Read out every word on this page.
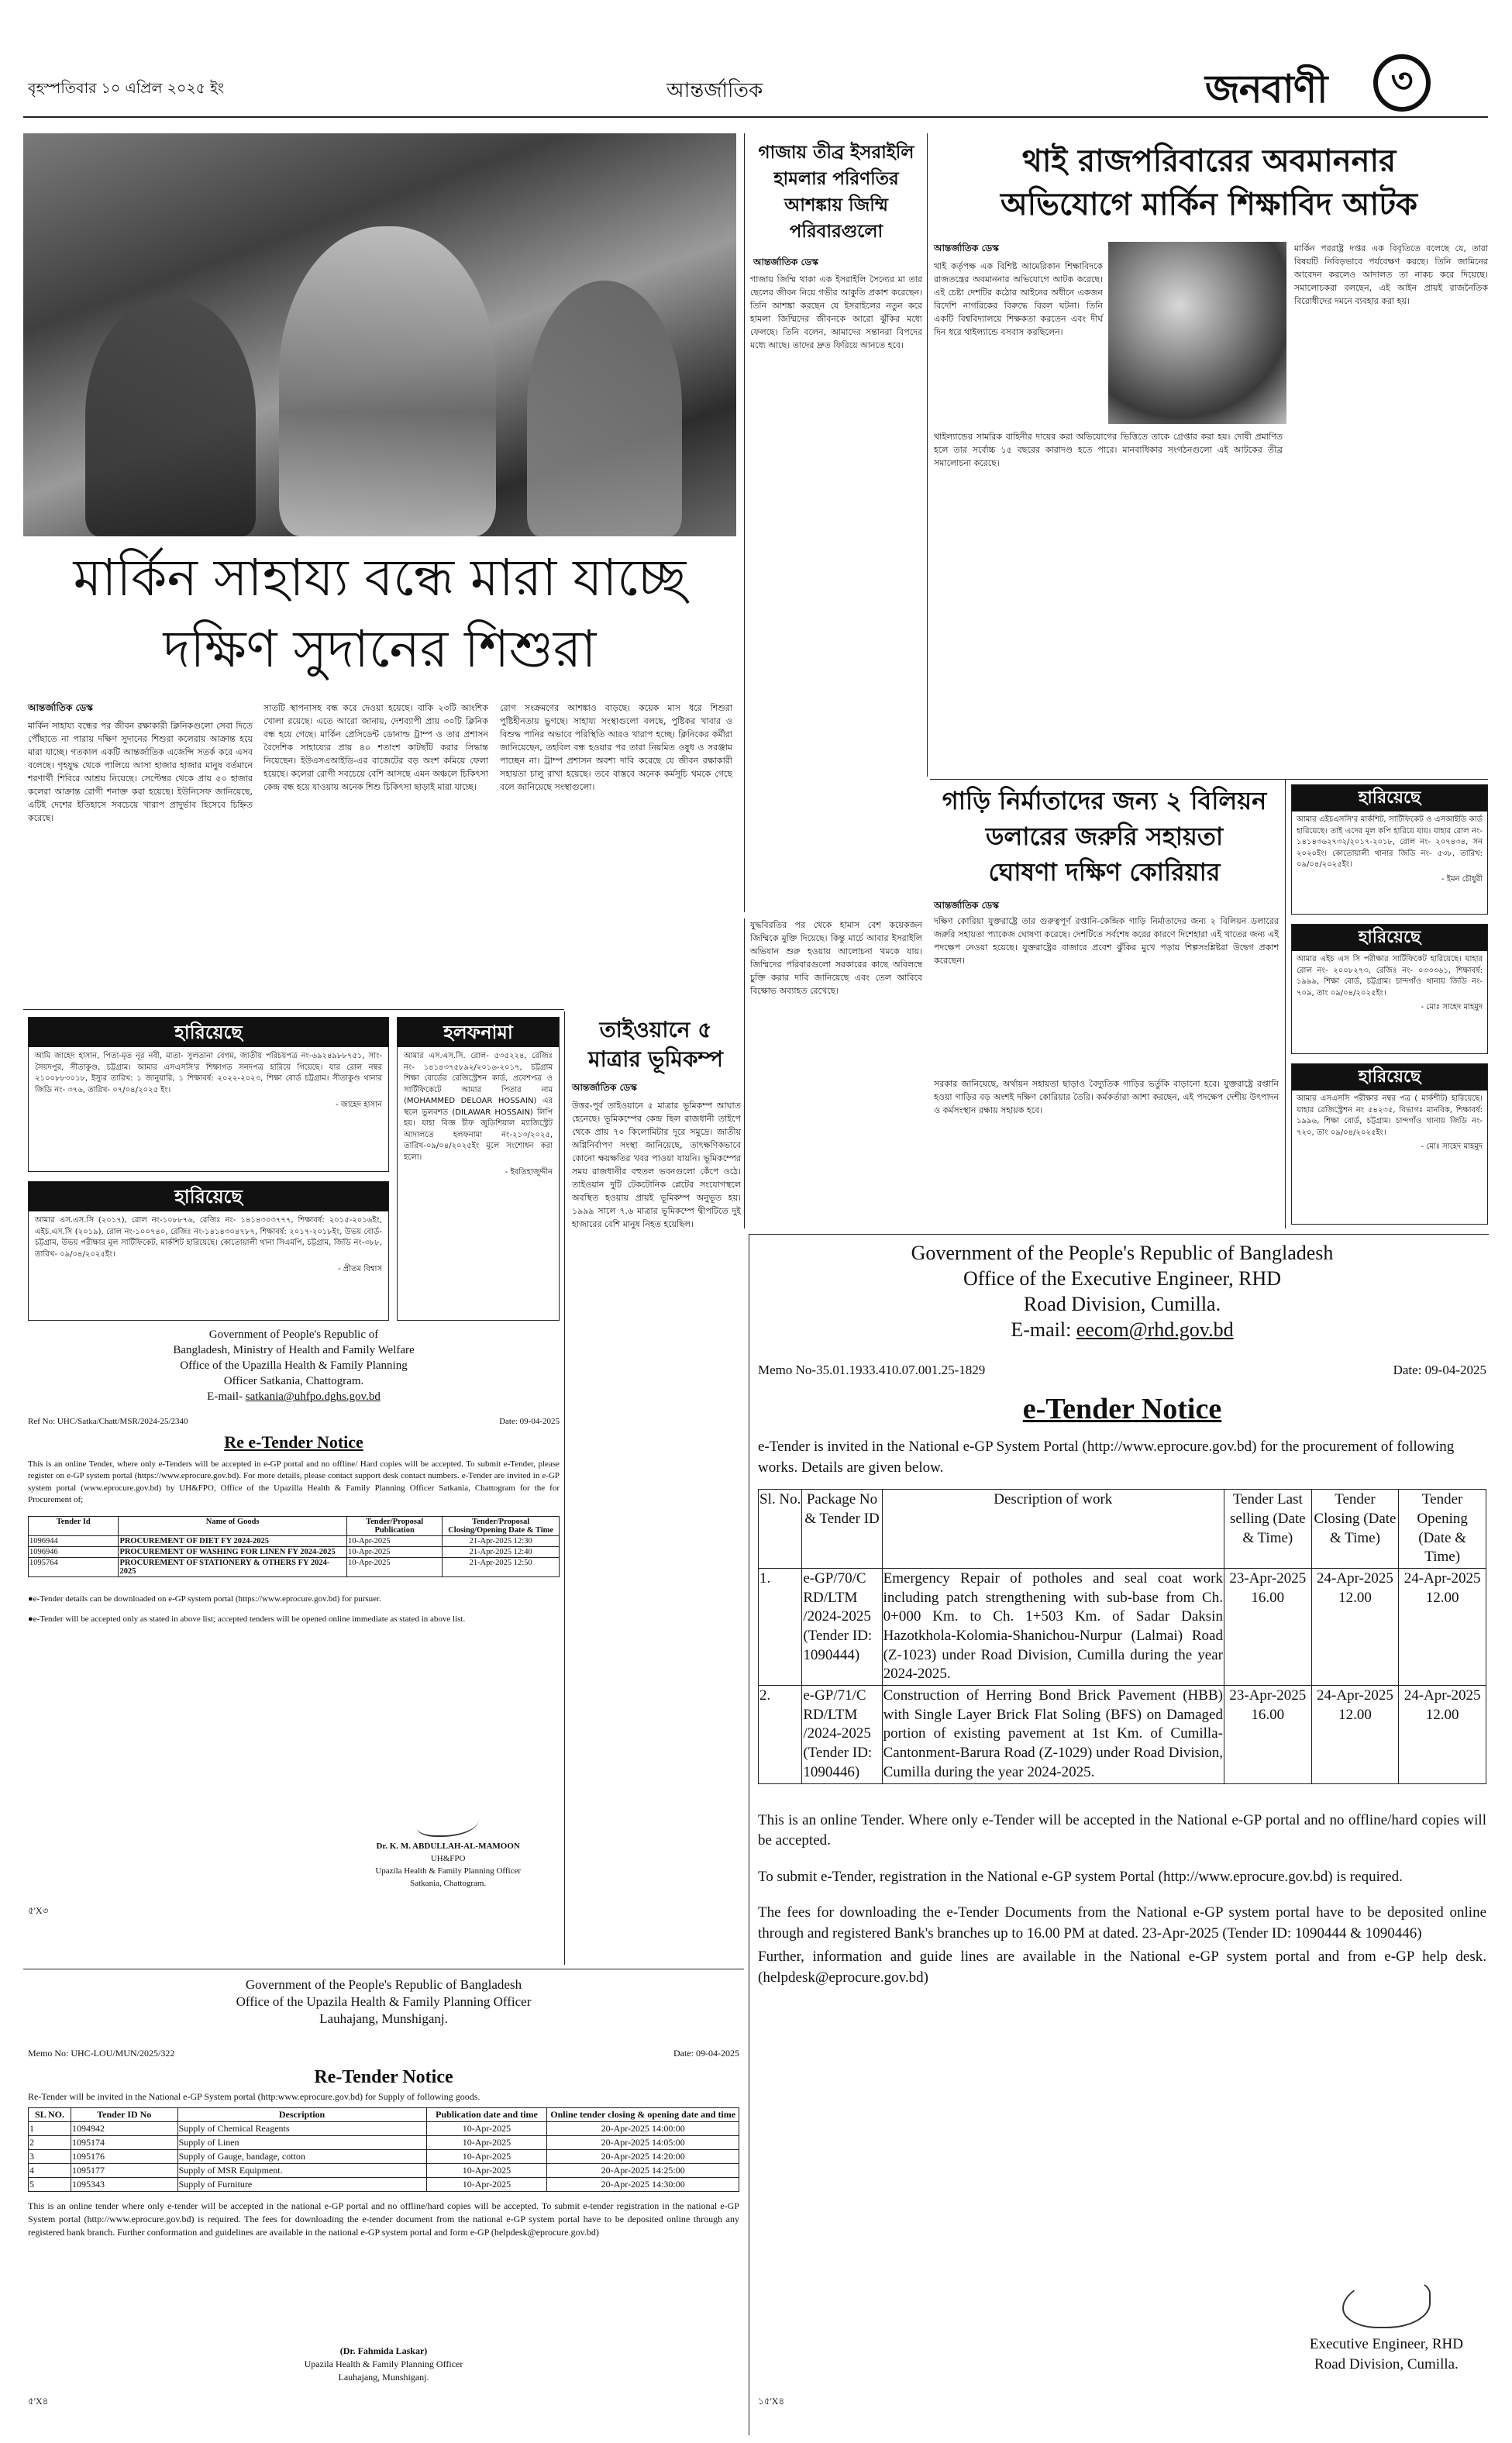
বৃহস্পতিবার ১০ এপ্রিল ২০২৫ ইং	আন্তর্জাতিক	জনবাণী ৩
মার্কিন সাহায্য বন্ধে মারা যাচ্ছে
দক্ষিণ সুদানের শিশুরা
আন্তর্জাতিক ডেস্ক
মার্কিন সাহায্য বন্ধের পর জীবন রক্ষাকারী ক্লিনিকগুলো সেবা দিতে পৌঁছাতে না পারায় দক্ষিণ সুদানের শিশুরা কলেরায় আক্রান্ত হয়ে মারা যাচ্ছে। গতকাল একটি আন্তর্জাতিক এজেন্সি সতর্ক করে এসব বলেছে। গৃহযুদ্ধ থেকে পালিয়ে আসা হাজার হাজার মানুষ বর্তমানে শরণার্থী শিবিরে আশ্রয় নিয়েছে। সেপ্টেম্বর থেকে প্রায় ৫০ হাজার কলেরা আক্রান্ত রোগী শনাক্ত করা হয়েছে। ইউনিসেফ জানিয়েছে, এটিই দেশের ইতিহাসে সবচেয়ে খারাপ প্রাদুর্ভাব হিসেবে চিহ্নিত করেছে।
সাতটি স্থাপনাসহ বন্ধ করে দেওয়া হয়েছে। বাকি ২৩টি আংশিক খোলা রয়েছে। এতে আরো জানায়, দেশব্যাপী প্রায় ৩০টি ক্লিনিক বন্ধ হয়ে গেছে। মার্কিন প্রেসিডেন্ট ডোনাল্ড ট্রাম্প ও তার প্রশাসন বৈদেশিক সাহায্যের প্রায় ৪০ শতাংশ কাটছাঁট করার সিদ্ধান্ত নিয়েছেন। ইউএসএআইডি-এর বাজেটের বড় অংশ কমিয়ে ফেলা হয়েছে। কলেরা রোগী সবচেয়ে বেশি আসছে এমন অঞ্চলে চিকিৎসা কেন্দ্র বন্ধ হয়ে যাওয়ায় অনেক শিশু চিকিৎসা ছাড়াই মারা যাচ্ছে।
রোগ সংক্রমণের আশঙ্কাও বাড়ছে। কয়েক মাস ধরে শিশুরা পুষ্টিহীনতায় ভুগছে। সাহায্য সংস্থাগুলো বলছে, পুষ্টিকর খাবার ও বিশুদ্ধ পানির অভাবে পরিস্থিতি আরও খারাপ হচ্ছে। ক্লিনিকের কর্মীরা জানিয়েছেন, তহবিল বন্ধ হওয়ার পর তারা নিয়মিত ওষুধ ও সরঞ্জাম পাচ্ছেন না। ট্রাম্প প্রশাসন অবশ্য দাবি করেছে যে জীবন রক্ষাকারী সহায়তা চালু রাখা হয়েছে। তবে বাস্তবে অনেক কর্মসূচি থমকে গেছে বলে জানিয়েছে সংস্থাগুলো।
গাজায় তীব্র ইসরাইলি হামলার পরিণতির আশঙ্কায় জিম্মি পরিবারগুলো
আন্তর্জাতিক ডেস্ক
গাজায় জিম্মি থাকা এক ইসরাইলি সৈন্যের মা তার ছেলের জীবন নিয়ে গভীর আকুতি প্রকাশ করেছেন। তিনি আশঙ্কা করছেন যে ইসরাইলের নতুন করে হামলা জিম্মিদের জীবনকে আরো ঝুঁকির মধ্যে ফেলছে। তিনি বলেন, আমাদের সন্তানরা বিপদের মধ্যে আছে। তাদের দ্রুত ফিরিয়ে আনতে হবে।
থাই রাজপরিবারের অবমাননার
অভিযোগে মার্কিন শিক্ষাবিদ আটক
আন্তর্জাতিক ডেস্ক
থাই কর্তৃপক্ষ এক বিশিষ্ট আমেরিকান শিক্ষাবিদকে রাজতন্ত্রের অবমাননার অভিযোগে আটক করেছে। এই চেষ্টা দেশটির কঠোর আইনের অধীনে একজন বিদেশি নাগরিকের বিরুদ্ধে বিরল ঘটনা। তিনি একটি বিশ্ববিদ্যালয়ে শিক্ষকতা করতেন এবং দীর্ঘ দিন ধরে থাইল্যান্ডে বসবাস করছিলেন।
থাইল্যান্ডের সামরিক বাহিনীর দায়ের করা অভিযোগের ভিত্তিতে তাকে গ্রেপ্তার করা হয়। দোষী প্রমাণিত হলে তার সর্বোচ্চ ১৫ বছরের কারাদণ্ড হতে পারে। মানবাধিকার সংগঠনগুলো এই আটকের তীব্র সমালোচনা করেছে।
মার্কিন পররাষ্ট্র দপ্তর এক বিবৃতিতে বলেছে যে, তারা বিষয়টি নিবিড়ভাবে পর্যবেক্ষণ করছে। তিনি জামিনের আবেদন করলেও আদালত তা নাকচ করে দিয়েছে। সমালোচকরা বলছেন, এই আইন প্রায়ই রাজনৈতিক বিরোধীদের দমনে ব্যবহার করা হয়।
গাড়ি নির্মাতাদের জন্য ২ বিলিয়ন
ডলারের জরুরি সহায়তা
ঘোষণা দক্ষিণ কোরিয়ার
আন্তর্জাতিক ডেস্ক
দক্ষিণ কোরিয়া যুক্তরাষ্ট্রে তার গুরুত্বপূর্ণ রপ্তানি-কেন্দ্রিক গাড়ি নির্মাতাদের জন্য ২ বিলিয়ন ডলারের জরুরি সহায়তা প্যাকেজ ঘোষণা করেছে। দেশটিতে সর্বশেষ করের কারণে দিশেহারা এই খাতের জন্য এই পদক্ষেপ নেওয়া হয়েছে। যুক্তরাষ্ট্রের বাজারে প্রবেশ ঝুঁকির মুখে পড়ায় শিল্পসংশ্লিষ্টরা উদ্বেগ প্রকাশ করেছেন।
সরকার জানিয়েছে, অর্থায়ন সহায়তা ছাড়াও বৈদ্যুতিক গাড়ির ভর্তুকি বাড়ানো হবে। যুক্তরাষ্ট্রে রপ্তানি হওয়া গাড়ির বড় অংশই দক্ষিণ কোরিয়ার তৈরি। কর্মকর্তারা আশা করছেন, এই পদক্ষেপ দেশীয় উৎপাদন ও কর্মসংস্থান রক্ষায় সহায়ক হবে।
হারিয়েছে
আমার এইচএসসি'র মার্কশিট, সার্টিফিকেট ও এসআইডি কার্ড হারিয়েছে। তাই এদের মূল কপি হারিয়ে যায়। যাহার রোল নং- ১৪১৪৩৬২৭৩২/২০১৭-২০১৮, রোল নং- ২০৭৪৩৪, সন ২০২০ইং। কোতোয়ালী থানার জিডি নং- ৫৩৮, তারিখ: ০৯/০৪/২০২৫ইং।
- ইমন চৌধুরী
হারিয়েছে
আমার এইচ এস সি পরীক্ষার সার্টিফিকেট হারিয়েছে। যাহার রোল নং- ২০০৮২৭৩, রেজিঃ নং- ০৩৩৩৬১, শিক্ষাবর্ষ: ১৯৯৯, শিক্ষা বোর্ড, চট্টগ্রাম। চান্দগাঁও থানায় জিডি নং- ৭০৯, তাং ০৯/০৪/২০২৫ইং।
- মোঃ সাহেদ মাহমুদ
হারিয়েছে
আমার এসএসসি পরীক্ষার নম্বর পত্র ( মার্কশীট) হারিয়েছে। যাহার রেজিস্ট্রেশন নং ৫৪২৩৫, বিভাগঃ মানবিক, শিক্ষাবর্ষ: ১৯৯৬, শিক্ষা বোর্ড, চট্টগ্রাম। চান্দগাঁও থানায় জিডি নং- ৭২০, তাং ০৯/০৪/২০২৫ইং।
- মোঃ সাহেদ মাহমুদ
তাইওয়ানে ৫
মাত্রার ভূমিকম্প
আন্তর্জাতিক ডেস্ক
উত্তর-পূর্ব তাইওয়ানে ৫ মাত্রার ভূমিকম্প আঘাত হেনেছে। ভূমিকম্পের কেন্দ্র ছিল রাজধানী তাইপে থেকে প্রায় ৭০ কিলোমিটার দূরে সমুদ্রে। জাতীয় অগ্নিনির্বাপণ সংস্থা জানিয়েছে, তাৎক্ষণিকভাবে কোনো ক্ষয়ক্ষতির খবর পাওয়া যায়নি। ভূমিকম্পের সময় রাজধানীর বহুতল ভবনগুলো কেঁপে ওঠে। তাইওয়ান দুটি টেকটোনিক প্লেটের সংযোগস্থলে অবস্থিত হওয়ায় প্রায়ই ভূমিকম্প অনুভূত হয়। ১৯৯৯ সালে ৭.৬ মাত্রার ভূমিকম্পে দ্বীপটিতে দুই হাজারের বেশি মানুষ নিহত হয়েছিল।
যুদ্ধবিরতির পর থেকে হামাস বেশ কয়েকজন জিম্মিকে মুক্তি দিয়েছে। কিন্তু মার্চে আবার ইসরাইলি অভিযান শুরু হওয়ায় আলোচনা থমকে যায়। জিম্মিদের পরিবারগুলো সরকারের কাছে অবিলম্বে চুক্তি করার দাবি জানিয়েছে এবং তেল আবিবে বিক্ষোভ অব্যাহত রেখেছে।
হারিয়েছে
আমি জাহেদ হাসান, পিতা-মৃত নূর নবী, মাতা- সুলতানা বেগম, জাতীয় পরিচয়পত্র নং-৬৯২৪৯৮৮৭৫১, সাং-সৈয়দপুর, সীতাকুণ্ড, চট্টগ্রাম। আমার এসএসসি'র শিক্ষাগত সনদপত্র হারিয়ে গিয়েছে। যার রোল নম্বর ২১০০৮৮৩০১৮, ইস্যুর তারিখ: ১ জানুয়ারি, ১ শিক্ষাবর্ষ: ২০২২-২০২৩, শিক্ষা বোর্ড চট্টগ্রাম। সীতাকুণ্ড থানার জিডি নং- ৩৭৬, তারিখ- ০৭/০৪/২০২৫ ইং।
- জাহেদ হাসান
হারিয়েছে
আমার এস.এস.সি (২০১৭), রোল নং-১০৮৮৭৬, রেজিঃ নং- ১৪১৪৩০৩৭৭৭, শিক্ষাবর্ষ: ২০১৫-২০১৬ইং, এইচ.এস.সি (২০১৯), রোল নং-১০০৭৪০, রেজিঃ নং-১৪১৪৩০৪৭৮৭, শিক্ষাবর্ষ: ২০১৭-২০১৮ইং, উভয় বোর্ড- চট্টগ্রাম, উভয় পরীক্ষার মূল সার্টিফিকেট, মার্কশিট হারিয়েছে। কোতোয়ালী থানা সিএমপি, চট্টগ্রাম, জিডি নং-৩৮৮, তারিখ- ০৯/০৪/২০২৫ইং।
- প্রীতম বিশ্বাস
হলফনামা
আমার এস.এস.সি. রোল- ৫৩৫২২৪, রেজিঃ নং- ১৪১৪৩৭৫৮৯২/২০১৬-২০১৭, চট্টগ্রাম শিক্ষা বোর্ডের রেজিস্ট্রেশন কার্ড, প্রবেশপত্র ও সার্টিফিকেটে আমার পিতার নাম (MOHAMMED DELOAR HOSSAIN) এর স্থলে ভুলবশত (DILAWAR HOSSAIN) লিপি হয়। যাহা বিজ্ঞ চীফ জুডিশিয়াল ম্যাজিস্ট্রেট আদালতে হলফনামা নং-২১৩/২০২৫, তারিখ-০৯/০৪/২০২৫ইং মূলে সংশোধন করা হলো।
- ইবতিহাজুদ্দীন
Government of People's Republic of
Bangladesh, Ministry of Health and Family Welfare
Office of the Upazilla Health & Family Planning
Officer Satkania, Chattogram.
E-mail- satkania@uhfpo.dghs.gov.bd
Ref No: UHC/Satka/Chatt/MSR/2024-25/2340	Date: 09-04-2025
Re e-Tender Notice
This is an online Tender, where only e-Tenders will be accepted in e-GP portal and no offline/ Hard copies will be accepted. To submit e-Tender, please register on e-GP system portal (https://www.eprocure.gov.bd). For more details, please contact support desk contact numbers. e-Tender are invited in e-GP system portal (www.eprocure.gov.bd) by UH&FPO, Office of the Upazilla Health & Family Planning Officer Satkania, Chattogram for the for Procurement of;
Tender Id	Name of Goods	Tender/Proposal Publication	Tender/Proposal Closing/Opening Date & Time
1096944	PROCUREMENT OF DIET FY 2024-2025	10-Apr-2025	21-Apr-2025 12:30
1096946	PROCUREMENT OF WASHING FOR LINEN FY 2024-2025	10-Apr-2025	21-Apr-2025 12:40
1095764	PROCUREMENT OF STATIONERY & OTHERS FY 2024-2025	10-Apr-2025	21-Apr-2025 12:50
●e-Tender details can be downloaded on e-GP system portal (https://www.eprocure.gov.bd) for pursuer.
●e-Tender will be accepted only as stated in above list; accepted tenders will be opened online immediate as stated in above list.
Dr. K. M. ABDULLAH-AL-MAMOON
UH&FPO
Upazila Health & Family Planning Officer
Satkania, Chattogram.
৫'X৩
Government of the People's Republic of Bangladesh
Office of the Upazila Health & Family Planning Officer
Lauhajang, Munshiganj.
Memo No: UHC-LOU/MUN/2025/322	Date: 09-04-2025
Re-Tender Notice
Re-Tender will be invited in the National e-GP System portal (http:www.eprocure.gov.bd) for Supply of following goods.
SL NO.	Tender ID No	Description	Publication date and time	Online tender closing & opening date and time
1	1094942	Supply of Chemical Reagents	10-Apr-2025	20-Apr-2025 14:00:00
2	1095174	Supply of Linen	10-Apr-2025	20-Apr-2025 14:05:00
3	1095176	Supply of Gauge, bandage, cotton	10-Apr-2025	20-Apr-2025 14:20:00
4	1095177	Supply of MSR Equipment.	10-Apr-2025	20-Apr-2025 14:25:00
5	1095343	Supply of Furniture	10-Apr-2025	20-Apr-2025 14:30:00
This is an online tender where only e-tender will be accepted in the national e-GP portal and no offline/hard copies will be accepted. To submit e-tender registration in the national e-GP System portal (http://www.eprocure.gov.bd) is required. The fees for downloading the e-tender document from the national e-GP system portal have to be deposited online through any registered bank branch. Further conformation and guidelines are available in the national e-GP system portal and form e-GP (helpdesk@eprocure.gov.bd)
(Dr. Fahmida Laskar)
Upazila Health & Family Planning Officer
Lauhajang, Munshiganj.
৫'X৪
Government of the People's Republic of Bangladesh
Office of the Executive Engineer, RHD
Road Division, Cumilla.
E-mail: eecom@rhd.gov.bd
Memo No-35.01.1933.410.07.001.25-1829	Date: 09-04-2025
e-Tender Notice
e-Tender is invited in the National e-GP System Portal (http://www.eprocure.gov.bd) for the procurement of following works. Details are given below.
Sl. No.	Package No & Tender ID	Description of work	Tender Last selling (Date & Time)	Tender Closing (Date & Time)	Tender Opening (Date & Time)
1.	e-GP/70/C RD/LTM /2024-2025 (Tender ID: 1090444)	Emergency Repair of potholes and seal coat work including patch strengthening with sub-base from Ch. 0+000 Km. to Ch. 1+503 Km. of Sadar Daksin Hazotkhola-Kolomia-Shanichou-Nurpur (Lalmai) Road (Z-1023) under Road Division, Cumilla during the year 2024-2025.	23-Apr-2025 16.00	24-Apr-2025 12.00	24-Apr-2025 12.00
2.	e-GP/71/C RD/LTM /2024-2025 (Tender ID: 1090446)	Construction of Herring Bond Brick Pavement (HBB) with Single Layer Brick Flat Soling (BFS) on Damaged portion of existing pavement at 1st Km. of Cumilla-Cantonment-Barura Road (Z-1029) under Road Division, Cumilla during the year 2024-2025.	23-Apr-2025 16.00	24-Apr-2025 12.00	24-Apr-2025 12.00
This is an online Tender. Where only e-Tender will be accepted in the National e-GP portal and no offline/hard copies will be accepted.
To submit e-Tender, registration in the National e-GP system Portal (http://www.eprocure.gov.bd) is required.
The fees for downloading the e-Tender Documents from the National e-GP system portal have to be deposited online through and registered Bank's branches up to 16.00 PM at dated. 23-Apr-2025 (Tender ID: 1090444 & 1090446)
Further, information and guide lines are available in the National e-GP system portal and from e-GP help desk. (helpdesk@eprocure.gov.bd)
Executive Engineer, RHD
Road Division, Cumilla.
১৫'X৪
